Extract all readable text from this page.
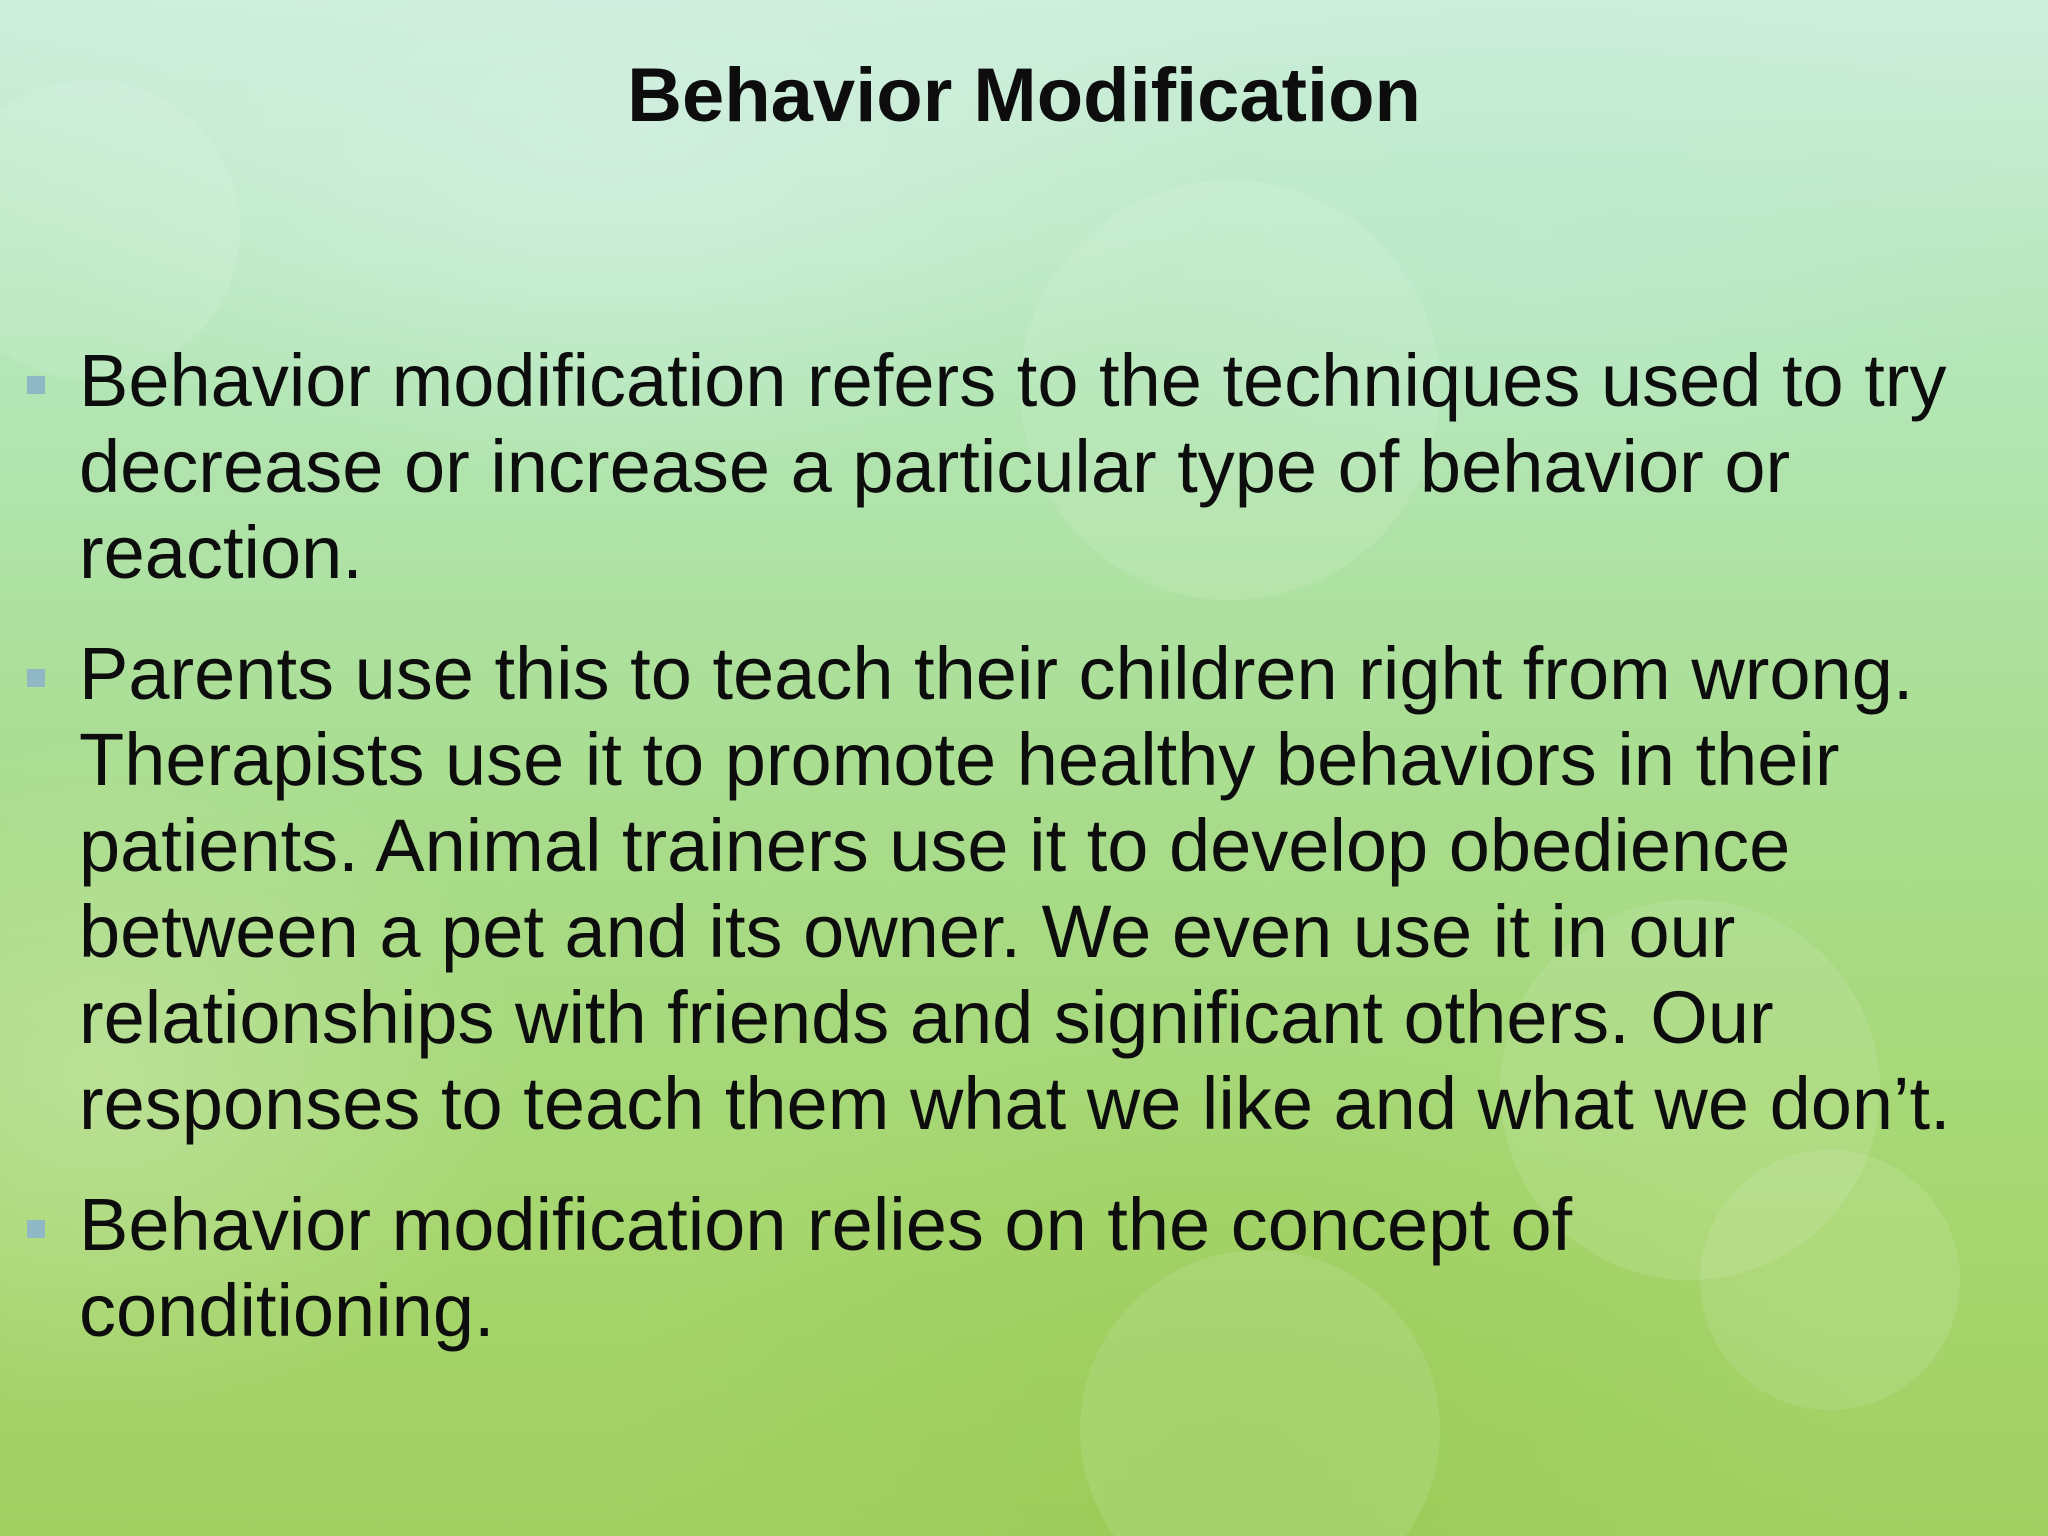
Behavior Modification
Behavior modification refers to the techniques used to try decrease or increase a particular type of behavior or reaction.
Parents use this to teach their children right from wrong. Therapists use it to promote healthy behaviors in their patients. Animal trainers use it to develop obedience between a pet and its owner. We even use it in our relationships with friends and significant others. Our responses to teach them what we like and what we don’t.
Behavior modification relies on the concept of conditioning.
